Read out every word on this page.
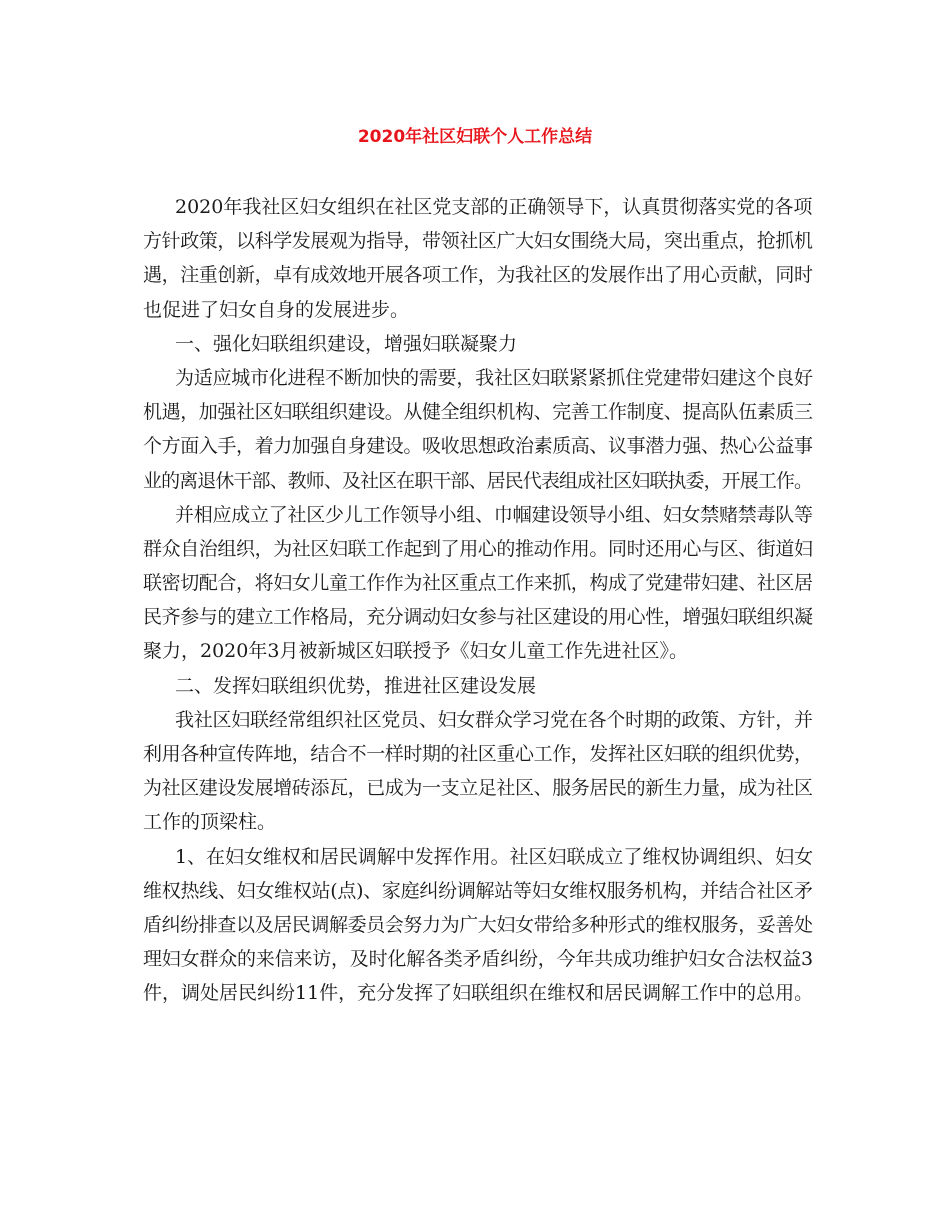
2020年社区妇联个人工作总结

2020年我社区妇女组织在社区党支部的正确领导下，认真贯彻落实党的各项

方针政策，以科学发展观为指导，带领社区广大妇女围绕大局，突出重点，抢抓机

遇，注重创新，卓有成效地开展各项工作，为我社区的发展作出了用心贡献，同时

也促进了妇女自身的发展进步。

一、强化妇联组织建设，增强妇联凝聚力

为适应城市化进程不断加快的需要，我社区妇联紧紧抓住党建带妇建这个良好

机遇，加强社区妇联组织建设。从健全组织机构、完善工作制度、提高队伍素质三

个方面入手，着力加强自身建设。吸收思想政治素质高、议事潜力强、热心公益事

业的离退休干部、教师、及社区在职干部、居民代表组成社区妇联执委，开展工作。

并相应成立了社区少儿工作领导小组、巾帼建设领导小组、妇女禁赌禁毒队等

群众自治组织，为社区妇联工作起到了用心的推动作用。同时还用心与区、街道妇

联密切配合，将妇女儿童工作作为社区重点工作来抓，构成了党建带妇建、社区居

民齐参与的建立工作格局，充分调动妇女参与社区建设的用心性，增强妇联组织凝

聚力，2020年3月被新城区妇联授予《妇女儿童工作先进社区》。

二、发挥妇联组织优势，推进社区建设发展

我社区妇联经常组织社区党员、妇女群众学习党在各个时期的政策、方针，并

利用各种宣传阵地，结合不一样时期的社区重心工作，发挥社区妇联的组织优势，

为社区建设发展增砖添瓦，已成为一支立足社区、服务居民的新生力量，成为社区

工作的顶梁柱。

1、在妇女维权和居民调解中发挥作用。社区妇联成立了维权协调组织、妇女

维权热线、妇女维权站(点)、家庭纠纷调解站等妇女维权服务机构，并结合社区矛

盾纠纷排查以及居民调解委员会努力为广大妇女带给多种形式的维权服务，妥善处

理妇女群众的来信来访，及时化解各类矛盾纠纷，今年共成功维护妇女合法权益3

件，调处居民纠纷11件，充分发挥了妇联组织在维权和居民调解工作中的总用。
